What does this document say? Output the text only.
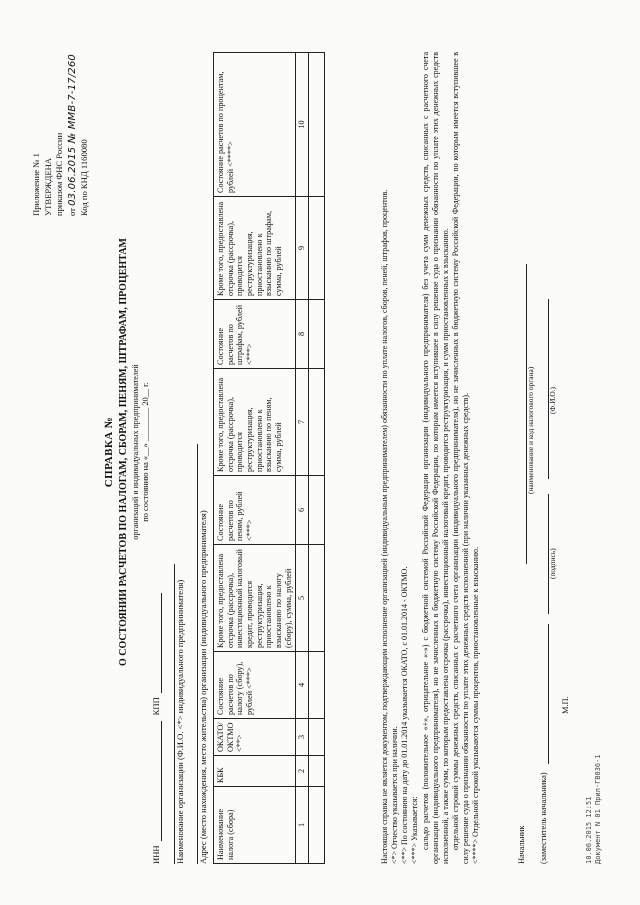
Приложение № 1 УТВЕРЖДЕНА приказом ФНС России от 03.06.2015 № ММВ-7-17/260 Код по КНД 1160080
СПРАВКА № О СОСТОЯНИИ РАСЧЕТОВ ПО НАЛОГАМ, СБОРАМ, ПЕНЯМ, ШТРАФАМ, ПРОЦЕНТАМ организаций и индивидуальных предпринимателей по состоянию на «__» ________ 20__ г.
ИНН
КПП Наименование организации (Ф.И.О. <*> индивидуального предпринимателя) Адрес (место нахождения, место жительства) организации (индивидуального предпринимателя) Наименование налога (сбора)	КБК	ОКАТО/ ОКТМО <**>	Состояние расчетов по налогу (сбору), рублей <***>	Кроме того, предоставлена отсрочка (рассрочка), инвестиционный налоговый кредит, проводится реструктуризация, приостановлено к взысканию по налогу (сбору), сумма, рублей	Состояние расчетов по пеням, рублей <***>	Кроме того, предоставлена отсрочка (рассрочка), проводится реструктуризация, приостановлено к взысканию по пеням, сумма, рублей	Состояние расчетов по штрафам, рублей <***>	Кроме того, предоставлена отсрочка (рассрочка), проводится реструктуризация, приостановлено к взысканию по штрафам, сумма, рублей	Состояние расчетов по процентам, рублей <****>
1	2	3	4	5	6	7	8	9	10

Настоящая справка не является документом, подтверждающим исполнение организацией (индивидуальным предпринимателем) обязанности по уплате налогов, сборов, пеней, штрафов, процентов. <*> Отчество указывается при наличии. <**> По состоянию на дату до 01.01.2014 указывается ОКАТО, с 01.01.2014 - ОКТМО. <***> Указывается: сальдо расчетов (положительное «+», отрицательное «-») с бюджетной системой Российской Федерации организации (индивидуального предпринимателя) без учета сумм денежных средств, списанных с расчетного счета организации (индивидуального предпринимателя), но не зачисленных в бюджетную систему Российской Федерации, по которым имеется вступившее в силу решение суда о признании обязанности по уплате этих денежных средств исполненной, а также сумм, по которым предоставлена отсрочка (рассрочка), инвестиционный налоговый кредит, проводится реструктуризация, и сумм приостановленных к взысканию. отдельной строкой суммы денежных средств, списанных с расчетного счета организации (индивидуального предпринимателя), но не зачисленных в бюджетную систему Российской Федерации, по которым имеется вступившее в силу решение суда о признании обязанности по уплате этих денежных средств исполненной (при наличии указанных денежных средств). <****> Отдельной строкой указываются суммы процентов, приостановленные к взысканию.	Начальник
(наименование и код налогового органа)
(заместитель начальника)
(подпись)
(Ф.И.О.)
М.П.
10.06.2015 12:51 Документ N 01 Прил-ГВ036-1
